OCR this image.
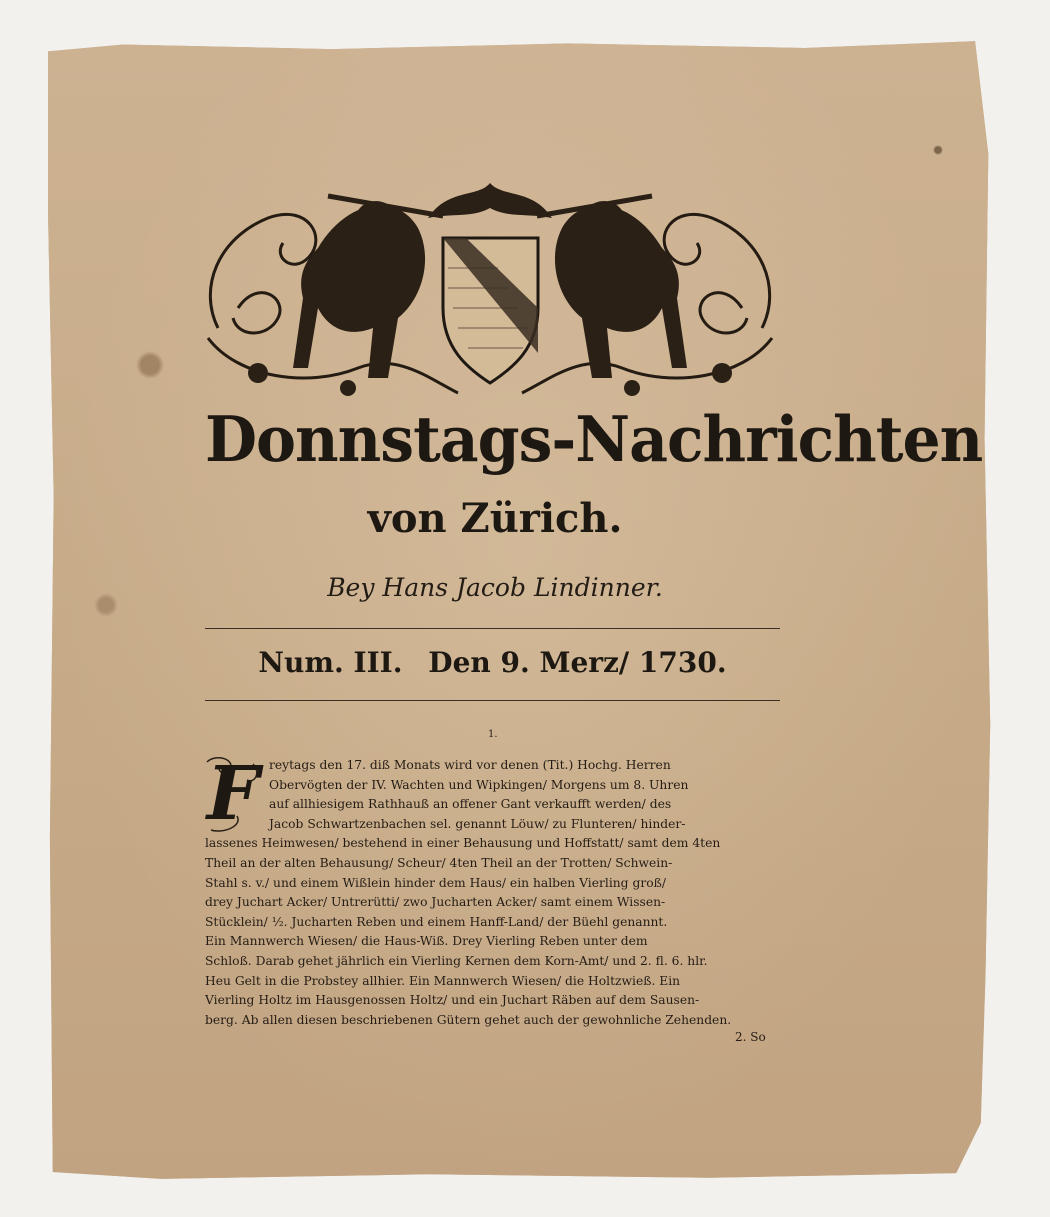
Donnstags-Nachrichten
von Zürich.
Bey Hans Jacob Lindinner.
Num. III. Den 9. Merz/ 1730.
1.
F reytags den 17. diß Monats wird vor denen (Tit.) Hochg. Herren
Obervögten der IV. Wachten und Wipkingen/ Morgens um 8. Uhren
auf allhiesigem Rathhauß an offener Gant verkaufft werden/ des
Jacob Schwartzenbachen sel. genannt Löuw/ zu Flunteren/ hinder-
lassenes Heimwesen/ bestehend in einer Behausung und Hoffstatt/ samt dem 4ten
Theil an der alten Behausung/ Scheur/ 4ten Theil an der Trotten/ Schwein-
Stahl s. v./ und einem Wißlein hinder dem Haus/ ein halben Vierling groß/
drey Juchart Acker/ Untrerütti/ zwo Jucharten Acker/ samt einem Wissen-
Stücklein/ ½. Jucharten Reben und einem Hanff-Land/ der Büehl genannt.
Ein Mannwerch Wiesen/ die Haus-Wiß. Drey Vierling Reben unter dem
Schloß. Darab gehet jährlich ein Vierling Kernen dem Korn-Amt/ und 2. fl. 6. hlr.
Heu Gelt in die Probstey allhier. Ein Mannwerch Wiesen/ die Holtzwieß. Ein
Vierling Holtz im Hausgenossen Holtz/ und ein Juchart Räben auf dem Sausen-
berg. Ab allen diesen beschriebenen Gütern gehet auch der gewohnliche Zehenden.
2. So
